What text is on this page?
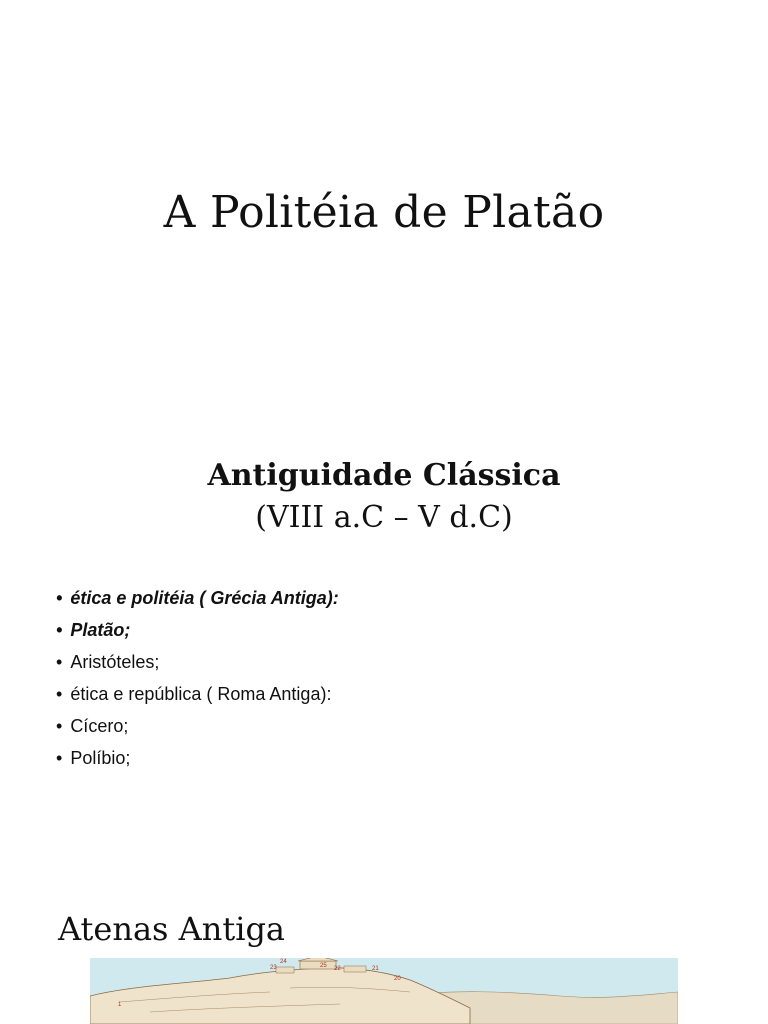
A Politéia de Platão
Antiguidade Clássica
(VIII a.C – V d.C)
• ética e politéia ( Grécia Antiga):
• Platão;
• Aristóteles;
• ética e república ( Roma Antiga):
• Cícero;
• Políbio;
Atenas Antiga
24
23	25 22	21
20
1
